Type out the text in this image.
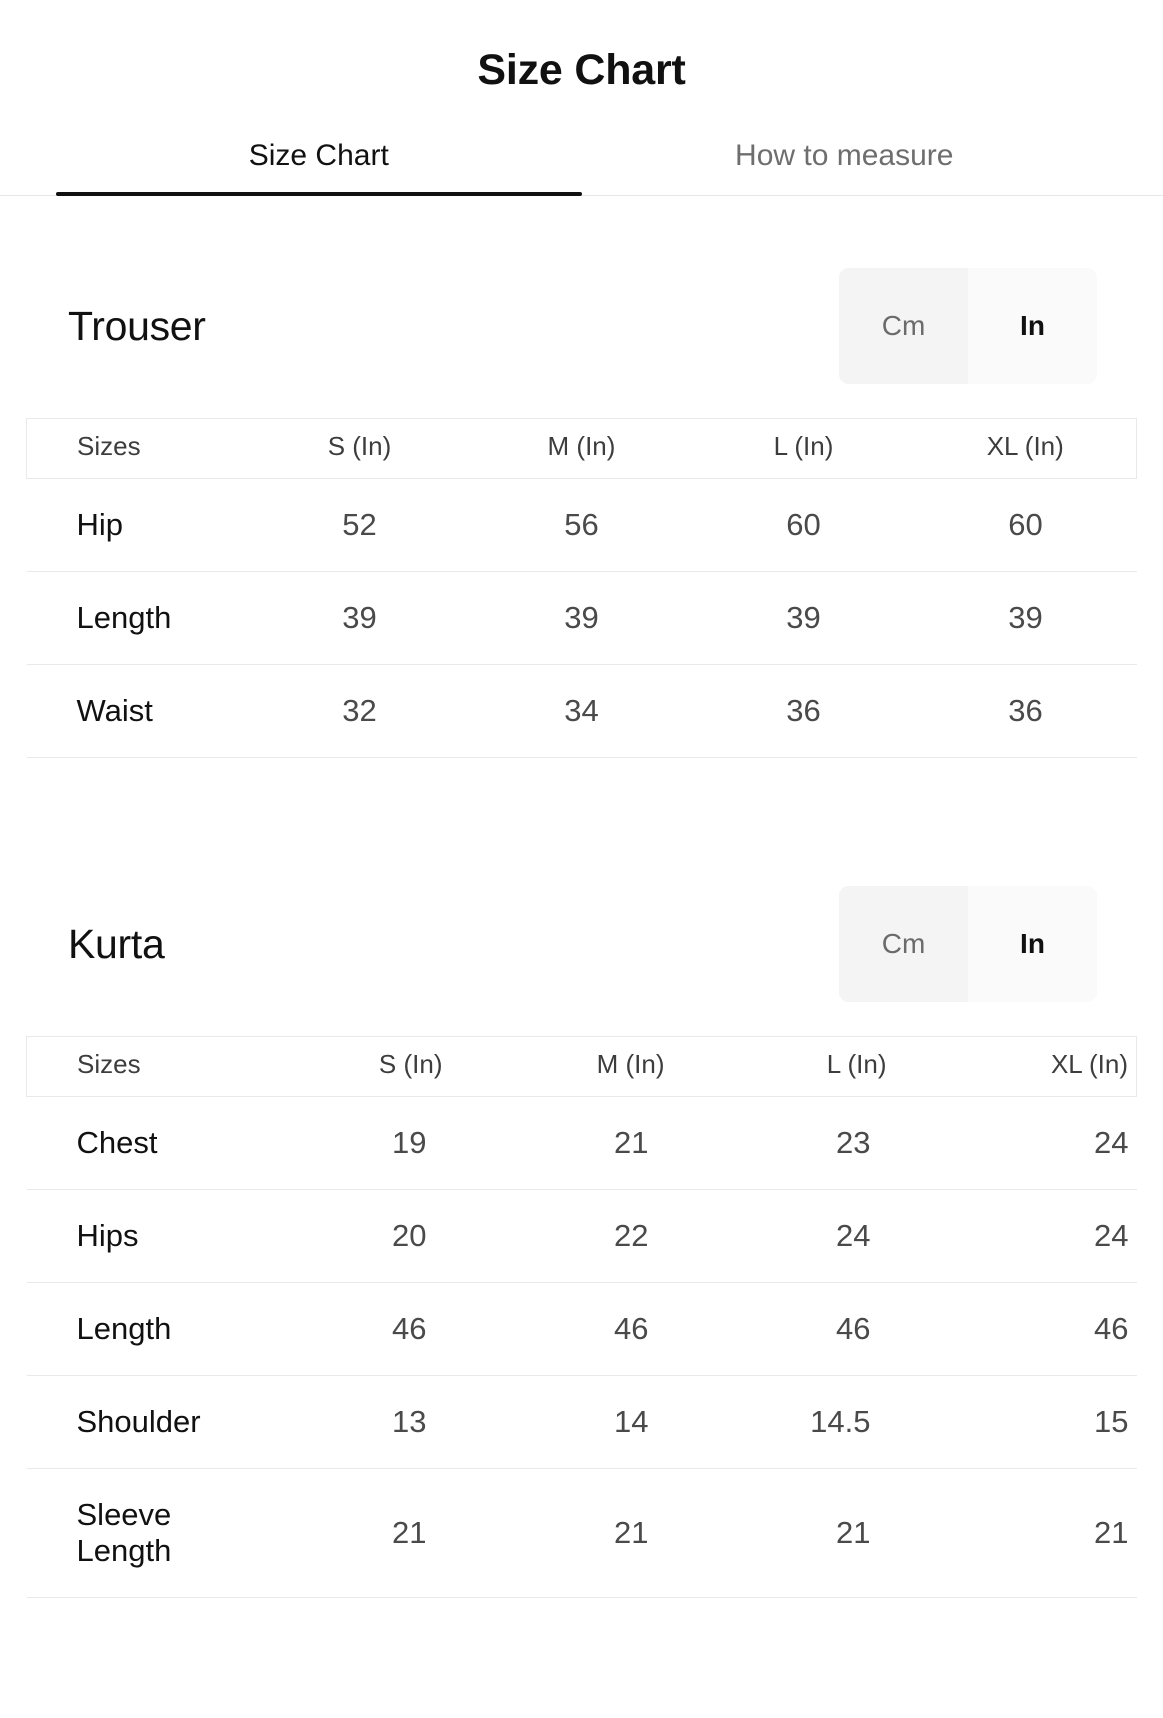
Size Chart
Size Chart	How to measure
Trouser	Cm	In
Sizes	S (In)	M (In)	L (In)	XL (In)
Hip	52	56	60	60
Length	39	39	39	39
Waist	32	34	36	36
Kurta	Cm	In
Sizes	S (In)	M (In)	L (In)	XL (In)
Chest	19	21	23	24
Hips	20	22	24	24
Length	46	46	46	46
Shoulder	13	14	14.5	15
Sleeve Length	21	21	21	21
